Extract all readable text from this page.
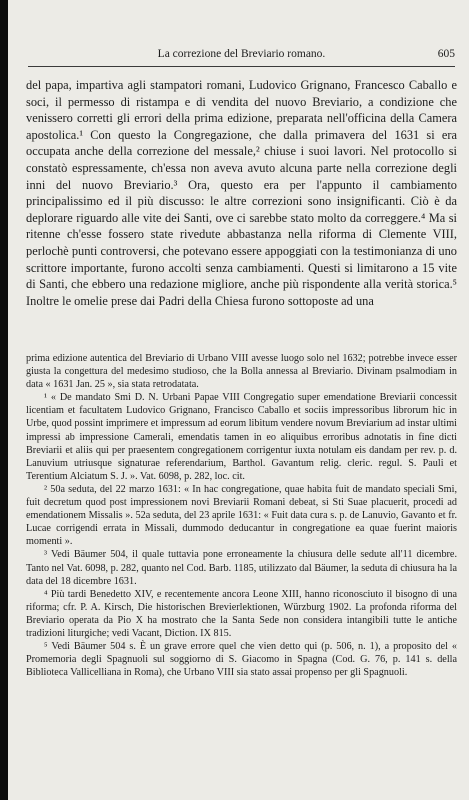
La correzione del Breviario romano.	605

del papa, impartiva agli stampatori romani, Ludovico Grignano, Francesco Caballo e soci, il permesso di ristampa e di vendita del nuovo Breviario, a condizione che venissero corretti gli errori della prima edizione, preparata nell'officina della Camera apostolica.¹ Con questo la Congregazione, che dalla primavera del 1631 si era occupata anche della correzione del messale,² chiuse i suoi lavori. Nel protocollo si constatò espressamente, ch'essa non aveva avuto alcuna parte nella correzione degli inni del nuovo Breviario.³ Ora, questo era per l'appunto il cambiamento principalissimo ed il più discusso: le altre correzioni sono insignificanti. Ciò è da deplorare riguardo alle vite dei Santi, ove ci sarebbe stato molto da correggere.⁴ Ma si ritenne ch'esse fossero state rivedute abbastanza nella riforma di Clemente VIII, perlochè punti controversi, che potevano essere appoggiati con la testimonianza di uno scrittore importante, furono accolti senza cambiamenti. Questi si limitarono a 15 vite di Santi, che ebbero una redazione migliore, anche più rispondente alla verità storica.⁵ Inoltre le omelie prese dai Padri della Chiesa furono sottoposte ad una

prima edizione autentica del Breviario di Urbano VIII avesse luogo solo nel 1632; potrebbe invece esser giusta la congettura del medesimo studioso, che la Bolla annessa al Breviario. Divinam psalmodiam in data « 1631 Jan. 25 », sia stata retrodatata.

¹ « De mandato Smi D. N. Urbani Papae VIII Congregatio super emendatione Breviarii concessit licentiam et facultatem Ludovico Grignano, Francisco Caballo et sociis impressoribus librorum hic in Urbe, quod possint imprimere et impressum ad eorum libitum vendere novum Breviarium ad instar ultimi impressi ab impressione Camerali, emendatis tamen in eo aliquibus erroribus adnotatis in fine dicti Breviarii et aliis qui per praesentem congregationem corrigentur iuxta notulam eis dandam per rev. p. d. Lanuvium utriusque signaturae referendarium, Barthol. Gavantum relig. cleric. regul. S. Pauli et Terentium Alciatum S. J. ». Vat. 6098, p. 282, loc. cit.

² 50a seduta, del 22 marzo 1631: « In hac congregatione, quae habita fuit de mandato speciali Smi, fuit decretum quod post impressionem novi Breviarii Romani debeat, si Sti Suae placuerit, procedi ad emendationem Missalis ». 52a seduta, del 23 aprile 1631: « Fuit data cura s. p. de Lanuvio, Gavanto et fr. Lucae corrigendi errata in Missali, dummodo deducantur in congregatione ea quae fuerint maioris momenti ».

³ Vedi Bäumer 504, il quale tuttavia pone erroneamente la chiusura delle sedute all'11 dicembre. Tanto nel Vat. 6098, p. 282, quanto nel Cod. Barb. 1185, utilizzato dal Bäumer, la seduta di chiusura ha la data del 18 dicembre 1631.

⁴ Più tardi Benedetto XIV, e recentemente ancora Leone XIII, hanno riconosciuto il bisogno di una riforma; cfr. P. A. Kirsch, Die historischen Brevierlektionen, Würzburg 1902. La profonda riforma del Breviario operata da Pio X ha mostrato che la Santa Sede non considera intangibili tutte le antiche tradizioni liturgiche; vedi Vacant, Diction. IX 815.

⁵ Vedi Bäumer 504 s. È un grave errore quel che vien detto qui (p. 506, n. 1), a proposito del « Promemoria degli Spagnuoli sul soggiorno di S. Giacomo in Spagna (Cod. G. 76, p. 141 s. della Biblioteca Vallicelliana in Roma), che Urbano VIII sia stato assai propenso per gli Spagnuoli.
